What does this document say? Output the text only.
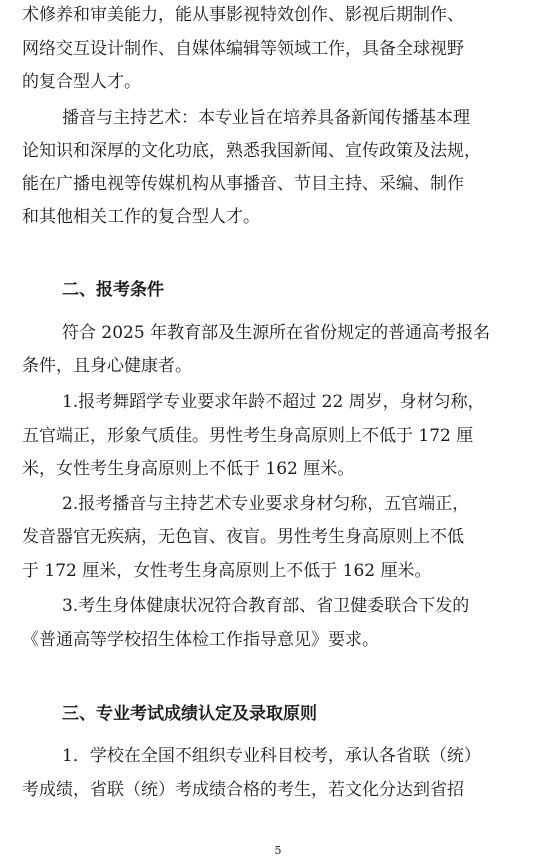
术修养和审美能力，能从事影视特效创作、影视后期制作、
网络交互设计制作、自媒体编辑等领域工作，具备全球视野
的复合型人才。
播音与主持艺术：本专业旨在培养具备新闻传播基本理
论知识和深厚的文化功底，熟悉我国新闻、宣传政策及法规，
能在广播电视等传媒机构从事播音、节目主持、采编、制作
和其他相关工作的复合型人才。
二、报考条件
符合 2025 年教育部及生源所在省份规定的普通高考报名
条件，且身心健康者。
1.报考舞蹈学专业要求年龄不超过 22 周岁，身材匀称，
五官端正，形象气质佳。男性考生身高原则上不低于 172 厘
米，女性考生身高原则上不低于 162 厘米。
2.报考播音与主持艺术专业要求身材匀称，五官端正，
发音器官无疾病，无色盲、夜盲。男性考生身高原则上不低
于 172 厘米，女性考生身高原则上不低于 162 厘米。
3.考生身体健康状况符合教育部、省卫健委联合下发的
《普通高等学校招生体检工作指导意见》要求。
三、专业考试成绩认定及录取原则
1．学校在全国不组织专业科目校考，承认各省联（统）
考成绩，省联（统）考成绩合格的考生，若文化分达到省招
5
